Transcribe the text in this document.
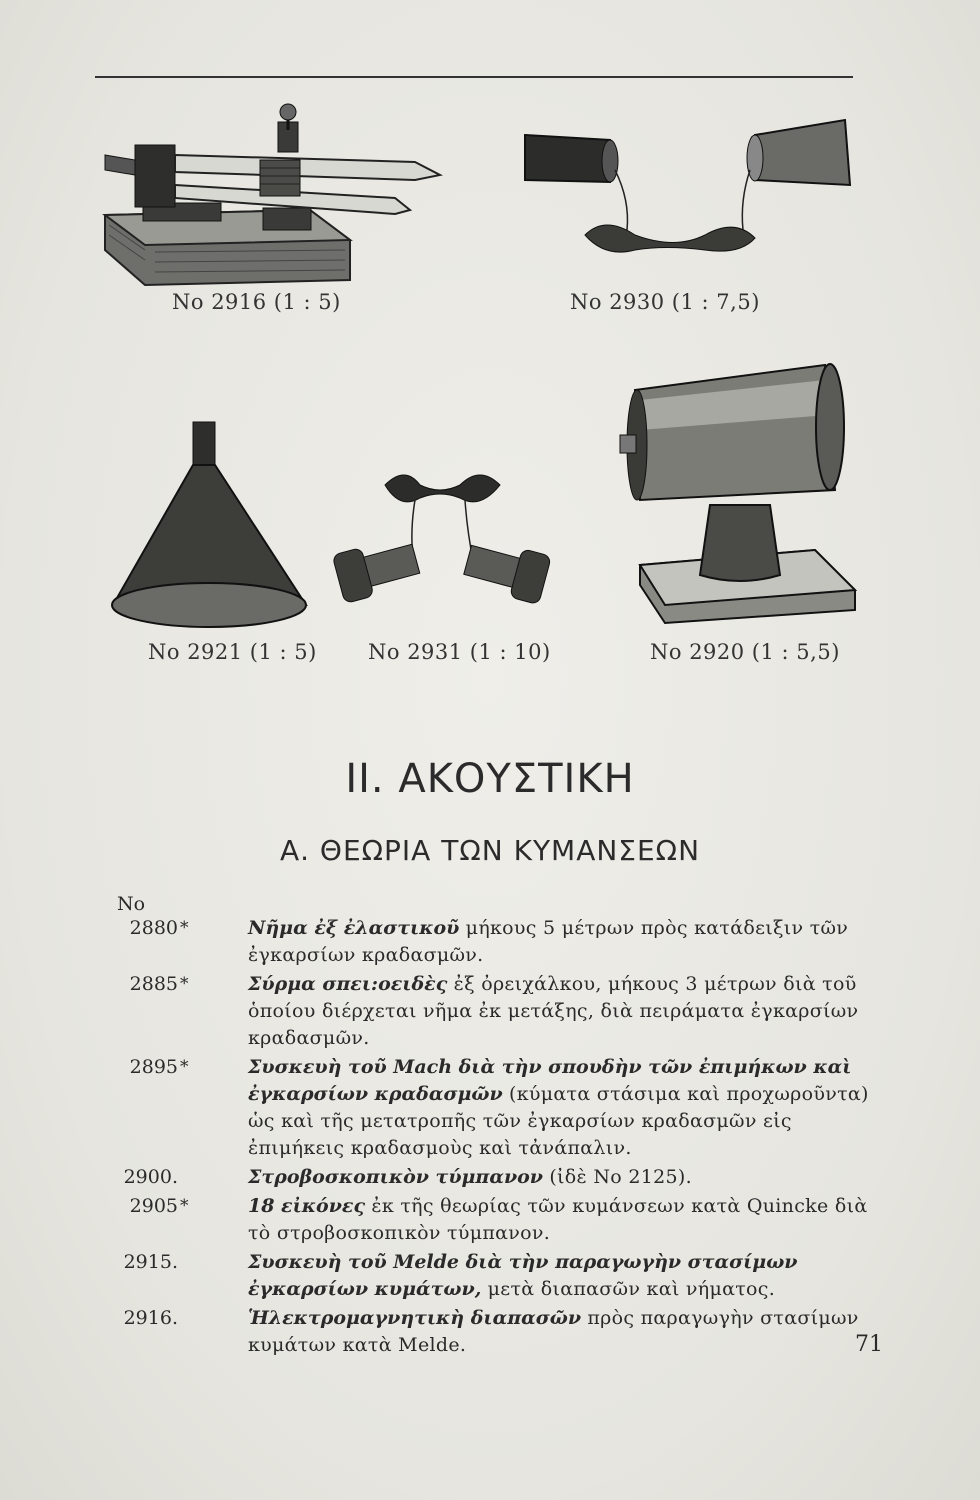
No 2916 (1 : 5)	No 2930 (1 : 7,5)
No 2921 (1 : 5) No 2931 (1 : 10)	No 2920 (1 : 5,5)
II. ΑΚΟΥΣΤΙΚΗ
Α. ΘΕΩΡΙΑ ΤΩΝ ΚΥΜΑΝΣΕΩΝ
No
2880 *	Νῆμα ἐξ ἐλαστικοῦ μήκους 5 μέτρων πρὸς κατάδειξιν τῶν ἐγκαρσίων κραδασμῶν.
2885 *	Σύρμα σπει:οειδὲς ἐξ ὀρειχάλκου, μήκους 3 μέτρων διὰ τοῦ ὁποίου διέρχεται νῆμα ἐκ μετάξης, διὰ πειράματα ἐγκαρσίων κραδασμῶν.
2895 *	Συσκευὴ τοῦ Mach διὰ τὴν σπουδὴν τῶν ἐπιμήκων καὶ ἐγκαρσίων κραδασμῶν (κύματα στάσιμα καὶ προχωροῦντα) ὡς καὶ τῆς μετατροπῆς τῶν ἐγκαρσίων κραδασμῶν εἰς ἐπιμήκεις κραδασμοὺς καὶ τἀνάπαλιν.
2900.	Στροβοσκοπικὸν τύμπανον (ἰδὲ No 2125).
2905 *	18 εἰκόνες ἐκ τῆς θεωρίας τῶν κυμάνσεων κατὰ Quincke διὰ τὸ στροβοσκοπικὸν τύμπανον.
2915.	Συσκευὴ τοῦ Melde διὰ τὴν παραγωγὴν στασίμων ἐγκαρσίων κυμάτων, μετὰ διαπασῶν καὶ νήματος.
2916.	Ἡλεκτρομαγνητικὴ διαπασῶν πρὸς παραγωγὴν στασίμων κυμάτων κατὰ Melde.	71
